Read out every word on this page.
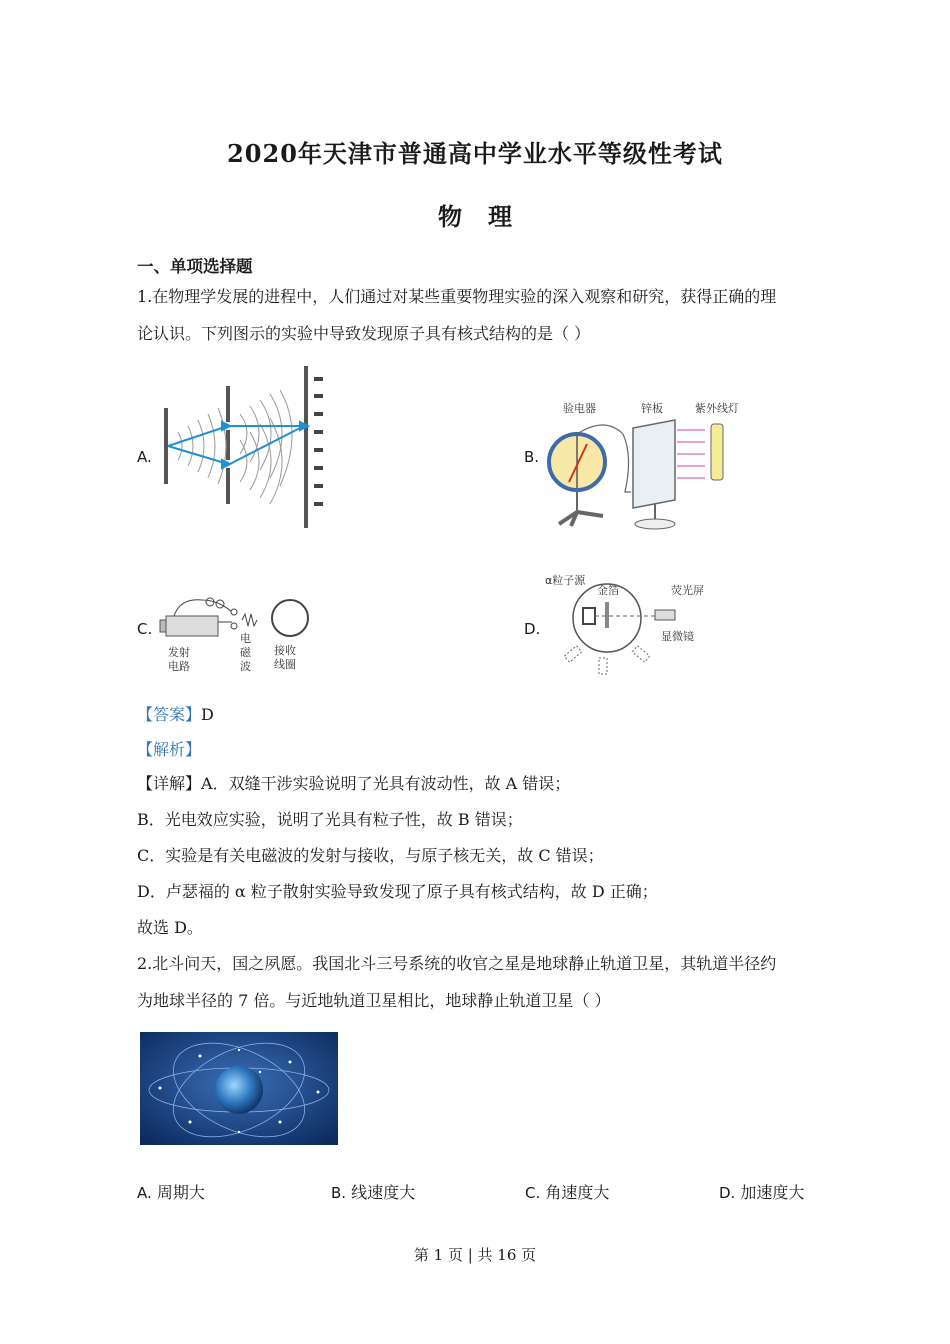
2020年天津市普通高中学业水平等级性考试
物理
一、单项选择题
1.在物理学发展的进程中，人们通过对某些重要物理实验的深入观察和研究，获得正确的理
论认识。下列图示的实验中导致发现原子具有核式结构的是（ ）
A.	B.
验电器	锌板	紫外线灯
C.
发射
电路
电
磁
波
接收
线圈
D.
α粒子源
金箔	荧光屏
显微镜
【答案】D
【解析】
【详解】A．双缝干涉实验说明了光具有波动性，故 A 错误；
B．光电效应实验，说明了光具有粒子性，故 B 错误；
C．实验是有关电磁波的发射与接收，与原子核无关，故 C 错误；
D．卢瑟福的 α 粒子散射实验导致发现了原子具有核式结构，故 D 正确；
故选 D。
2.北斗问天，国之夙愿。我国北斗三号系统的收官之星是地球静止轨道卫星，其轨道半径约
为地球半径的 7 倍。与近地轨道卫星相比，地球静止轨道卫星（ ）
A. 周期大	B. 线速度大	C. 角速度大	D. 加速度大
第 1 页 | 共 16 页
